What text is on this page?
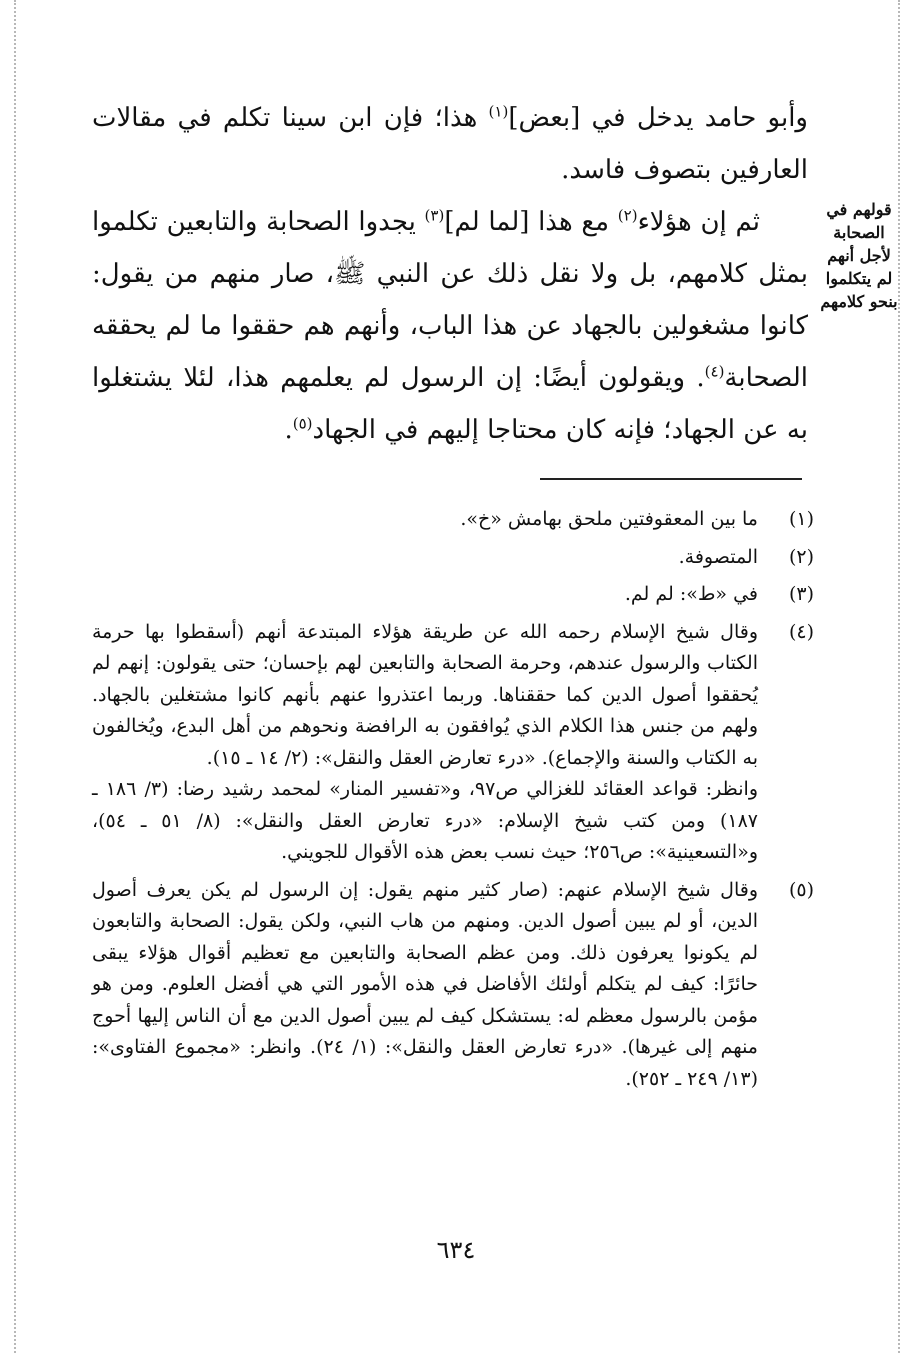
وأبو حامد يدخل في [بعض]$^{(١)}$ هذا؛ فإن ابن سينا تكلم في مقالات العارفين بتصوف فاسد.

ثم إن هؤلاء$^{(٢)}$ مع هذا [لما لم]$^{(٣)}$ يجدوا الصحابة والتابعين تكلموا بمثل كلامهم، بل ولا نقل ذلك عن النبي ﷺ، صار منهم من يقول: كانوا مشغولين بالجهاد عن هذا الباب، وأنهم هم حققوا ما لم يحققه الصحابة$^{(٤)}$. ويقولون أيضًا: إن الرسول لم يعلمهم هذا، لئلا يشتغلوا به عن الجهاد؛ فإنه كان محتاجا إليهم في الجهاد$^{(٥)}$.

قولهم في الصحابة لأجل أنهم لم يتكلموا بنحو كلامهم
(١)

ما بين المعقوفتين ملحق بهامش «خ».

(٢)

المتصوفة.

(٣)

في «ط»: لم لم.

(٤)

وقال شيخ الإسلام رحمه الله عن طريقة هؤلاء المبتدعة أنهم (أسقطوا بها حرمة الكتاب والرسول عندهم، وحرمة الصحابة والتابعين لهم بإحسان؛ حتى يقولون: إنهم لم يُحققوا أصول الدين كما حققناها. وربما اعتذروا عنهم بأنهم كانوا مشتغلين بالجهاد. ولهم من جنس هذا الكلام الذي يُوافقون به الرافضة ونحوهم من أهل البدع، ويُخالفون به الكتاب والسنة والإجماع). «درء تعارض العقل والنقل»: (٢/ ١٤ ـ ١٥).

وانظر: قواعد العقائد للغزالي ص٩٧، و«تفسير المنار» لمحمد رشيد رضا: (٣/ ١٨٦ ـ ١٨٧) ومن كتب شيخ الإسلام: «درء تعارض العقل والنقل»: (٨/ ٥١ ـ ٥٤)، و«التسعينية»: ص٢٥٦؛ حيث نسب بعض هذه الأقوال للجويني.

(٥)

وقال شيخ الإسلام عنهم: (صار كثير منهم يقول: إن الرسول لم يكن يعرف أصول الدين، أو لم يبين أصول الدين. ومنهم من هاب النبي، ولكن يقول: الصحابة والتابعون لم يكونوا يعرفون ذلك. ومن عظم الصحابة والتابعين مع تعظيم أقوال هؤلاء يبقى حائرًا: كيف لم يتكلم أولئك الأفاضل في هذه الأمور التي هي أفضل العلوم. ومن هو مؤمن بالرسول معظم له: يستشكل كيف لم يبين أصول الدين مع أن الناس إليها أحوج منهم إلى غيرها). «درء تعارض العقل والنقل»: (١/ ٢٤). وانظر: «مجموع الفتاوى»: (١٣/ ٢٤٩ ـ ٢٥٢).

٦٣٤
